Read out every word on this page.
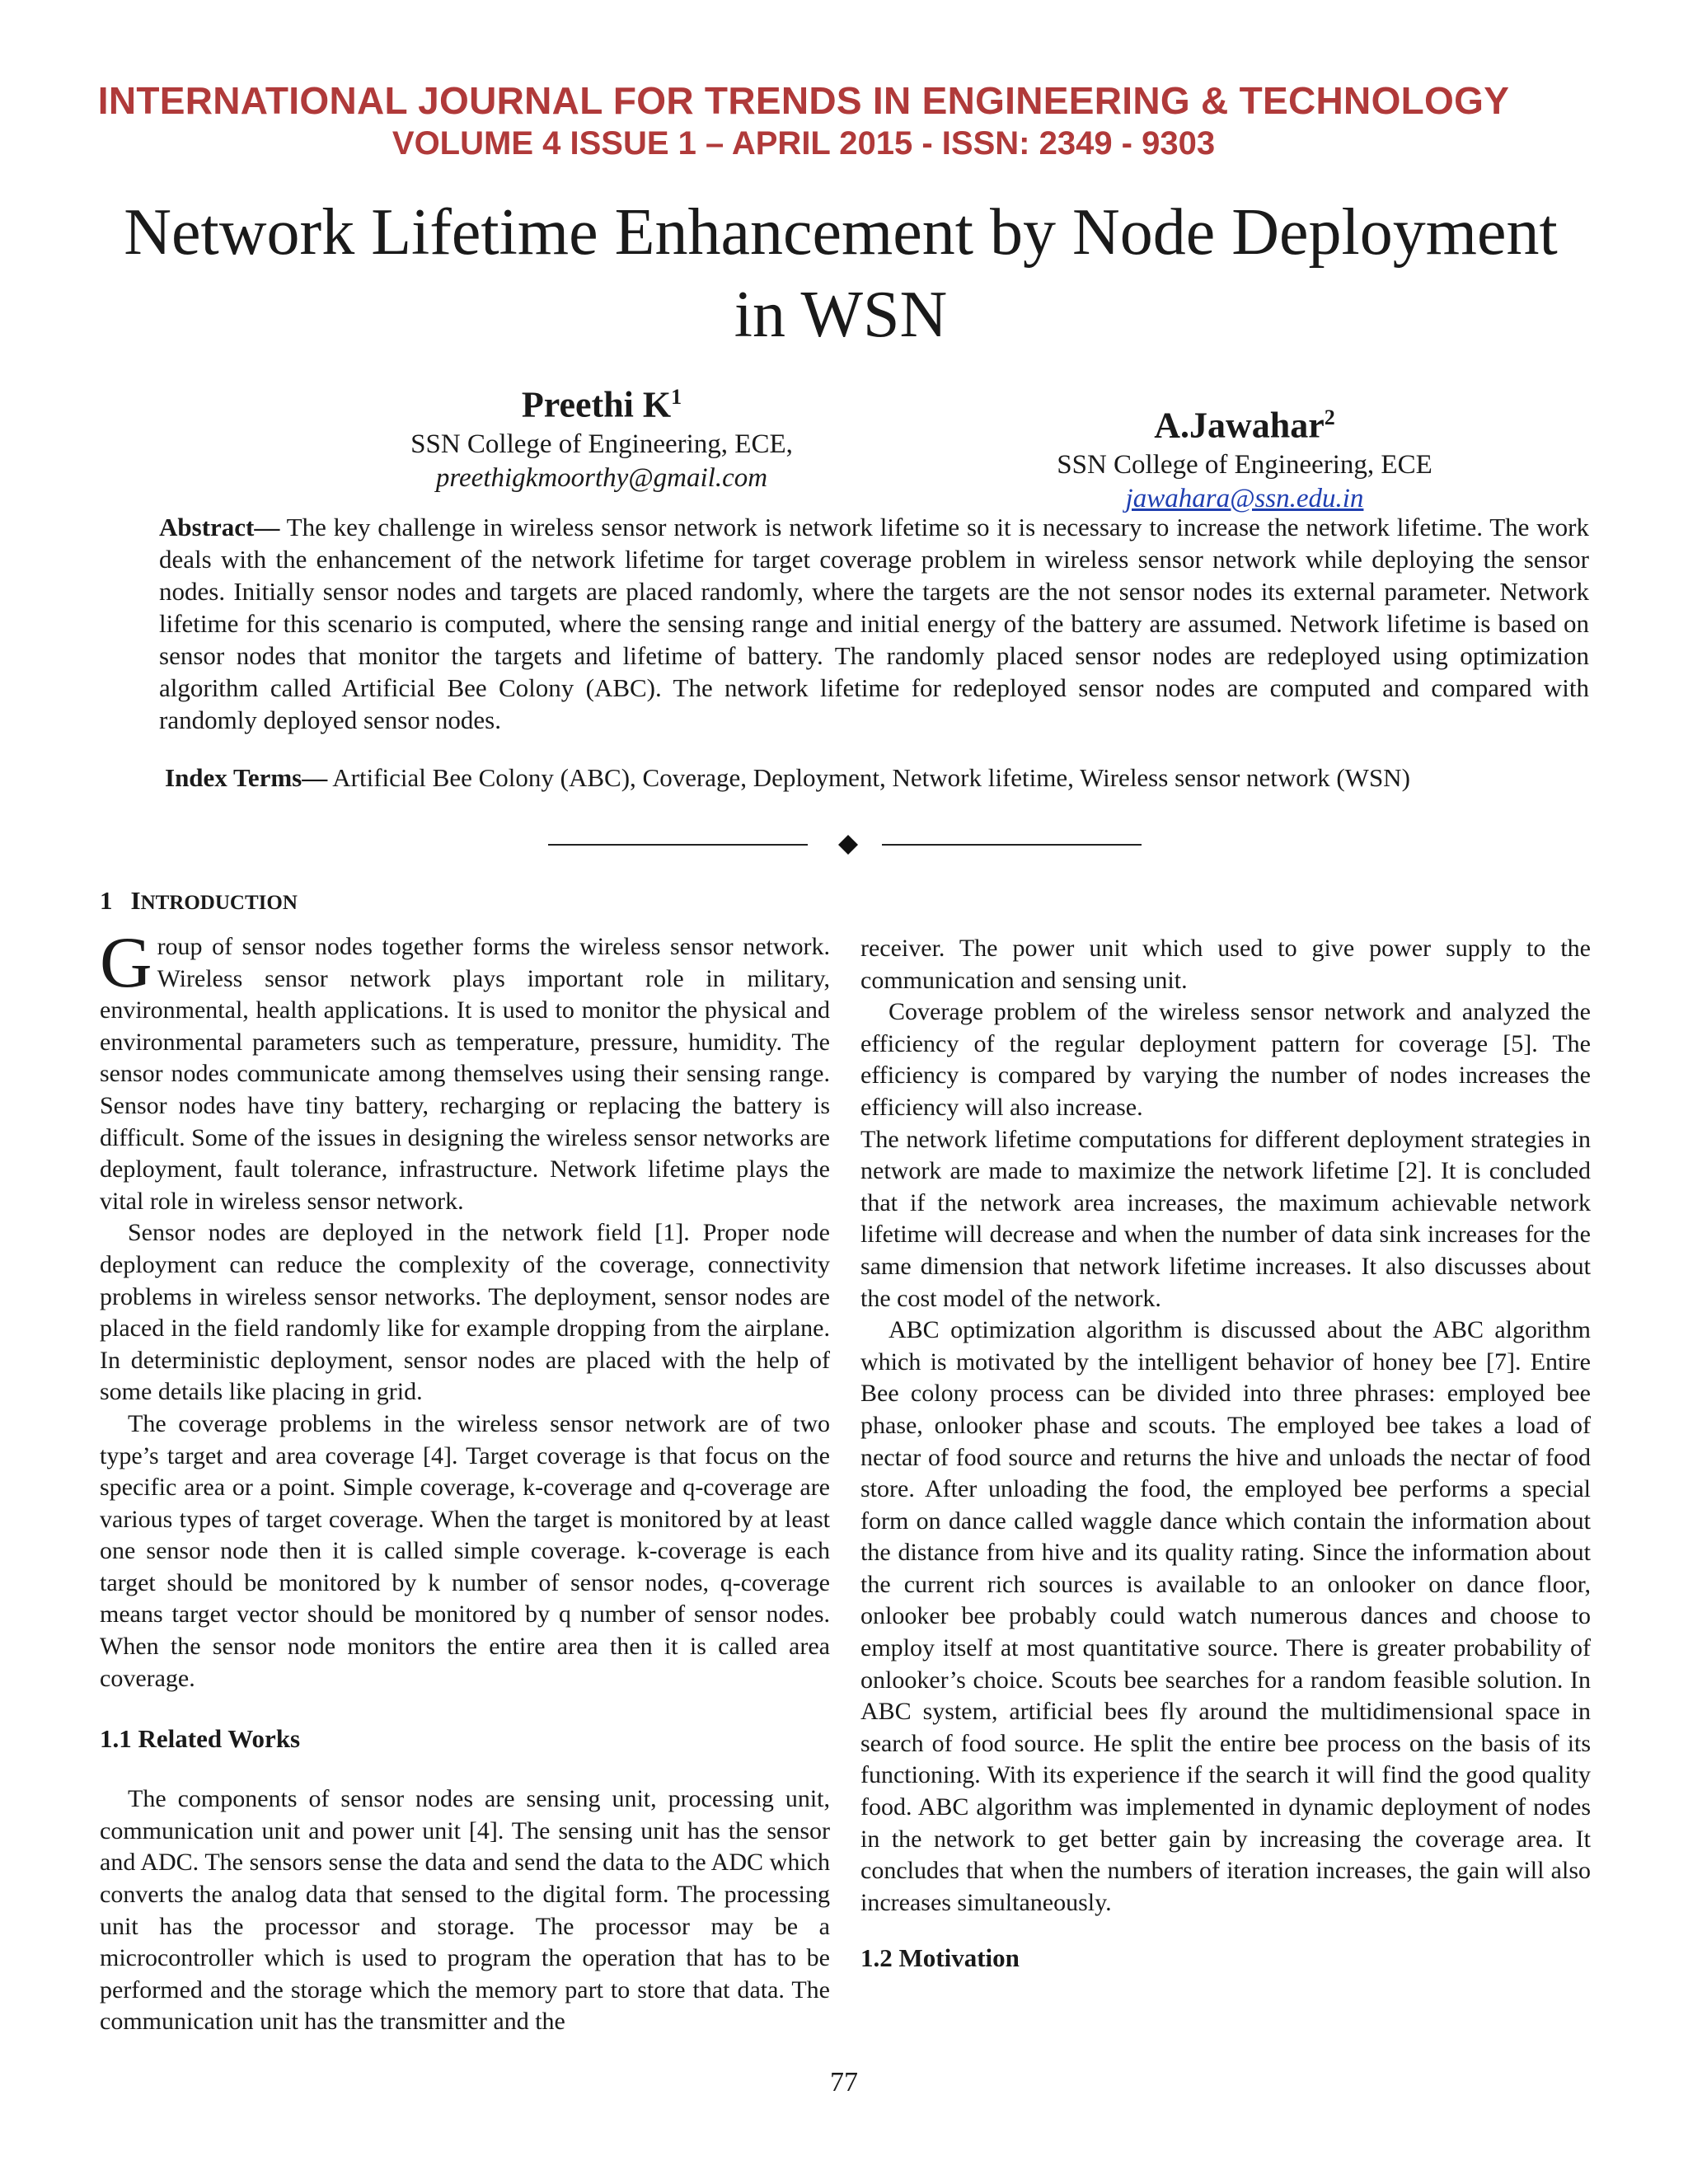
INTERNATIONAL JOURNAL FOR TRENDS IN ENGINEERING & TECHNOLOGY
VOLUME 4 ISSUE 1 – APRIL 2015 - ISSN: 2349 - 9303
Network Lifetime Enhancement by Node Deployment
in WSN
Preethi $K^1$
SSN College of Engineering, ECE,
preethigkmoorthy@gmail.com
A.Jawahar$^2$
SSN College of Engineering, ECE
jawahara@ssn.edu.in
Abstract— The key challenge in wireless sensor network is network lifetime so it is necessary to increase the network lifetime. The work deals with the enhancement of the network lifetime for target coverage problem in wireless sensor network while deploying the sensor nodes. Initially sensor nodes and targets are placed randomly, where the targets are the not sensor nodes its external parameter. Network lifetime for this scenario is computed, where the sensing range and initial energy of the battery are assumed. Network lifetime is based on sensor nodes that monitor the targets and lifetime of battery. The randomly placed sensor nodes are redeployed using optimization algorithm called Artificial Bee Colony (ABC). The network lifetime for redeployed sensor nodes are computed and compared with randomly deployed sensor nodes.
Index Terms— Artificial Bee Colony (ABC), Coverage, Deployment, Network lifetime, Wireless sensor network (WSN)
1 INTRODUCTION

Group of sensor nodes together forms the wireless sensor network. Wireless sensor network plays important role in military, environmental, health applications. It is used to monitor the physical and environmental parameters such as temperature, pressure, humidity. The sensor nodes communicate among themselves using their sensing range. Sensor nodes have tiny battery, recharging or replacing the battery is difficult. Some of the issues in designing the wireless sensor networks are deployment, fault tolerance, infrastructure. Network lifetime plays the vital role in wireless sensor network.

Sensor nodes are deployed in the network field [1]. Proper node deployment can reduce the complexity of the coverage, connectivity problems in wireless sensor networks. The deployment, sensor nodes are placed in the field randomly like for example dropping from the airplane. In deterministic deployment, sensor nodes are placed with the help of some details like placing in grid.

The coverage problems in the wireless sensor network are of two type’s target and area coverage [4]. Target coverage is that focus on the specific area or a point. Simple coverage, k-coverage and q-coverage are various types of target coverage. When the target is monitored by at least one sensor node then it is called simple coverage. k-coverage is each target should be monitored by k number of sensor nodes, q-coverage means target vector should be monitored by q number of sensor nodes. When the sensor node monitors the entire area then it is called area coverage.

1.1 Related Works

The components of sensor nodes are sensing unit, processing unit, communication unit and power unit [4]. The sensing unit has the sensor and ADC. The sensors sense the data and send the data to the ADC which converts the analog data that sensed to the digital form. The processing unit has the processor and storage. The processor may be a microcontroller which is used to program the operation that has to be performed and the storage which the memory part to store that data. The communication unit has the transmitter and the

receiver. The power unit which used to give power supply to the communication and sensing unit.

Coverage problem of the wireless sensor network and analyzed the efficiency of the regular deployment pattern for coverage [5]. The efficiency is compared by varying the number of nodes increases the efficiency will also increase.

The network lifetime computations for different deployment strategies in network are made to maximize the network lifetime [2]. It is concluded that if the network area increases, the maximum achievable network lifetime will decrease and when the number of data sink increases for the same dimension that network lifetime increases. It also discusses about the cost model of the network.

ABC optimization algorithm is discussed about the ABC algorithm which is motivated by the intelligent behavior of honey bee [7]. Entire Bee colony process can be divided into three phrases: employed bee phase, onlooker phase and scouts. The employed bee takes a load of nectar of food source and returns the hive and unloads the nectar of food store. After unloading the food, the employed bee performs a special form on dance called waggle dance which contain the information about the distance from hive and its quality rating. Since the information about the current rich sources is available to an onlooker on dance floor, onlooker bee probably could watch numerous dances and choose to employ itself at most quantitative source. There is greater probability of onlooker’s choice. Scouts bee searches for a random feasible solution. In ABC system, artificial bees fly around the multidimensional space in search of food source. He split the entire bee process on the basis of its functioning. With its experience if the search it will find the good quality food. ABC algorithm was implemented in dynamic deployment of nodes in the network to get better gain by increasing the coverage area. It concludes that when the numbers of iteration increases, the gain will also increases simultaneously.

1.2 Motivation
77
